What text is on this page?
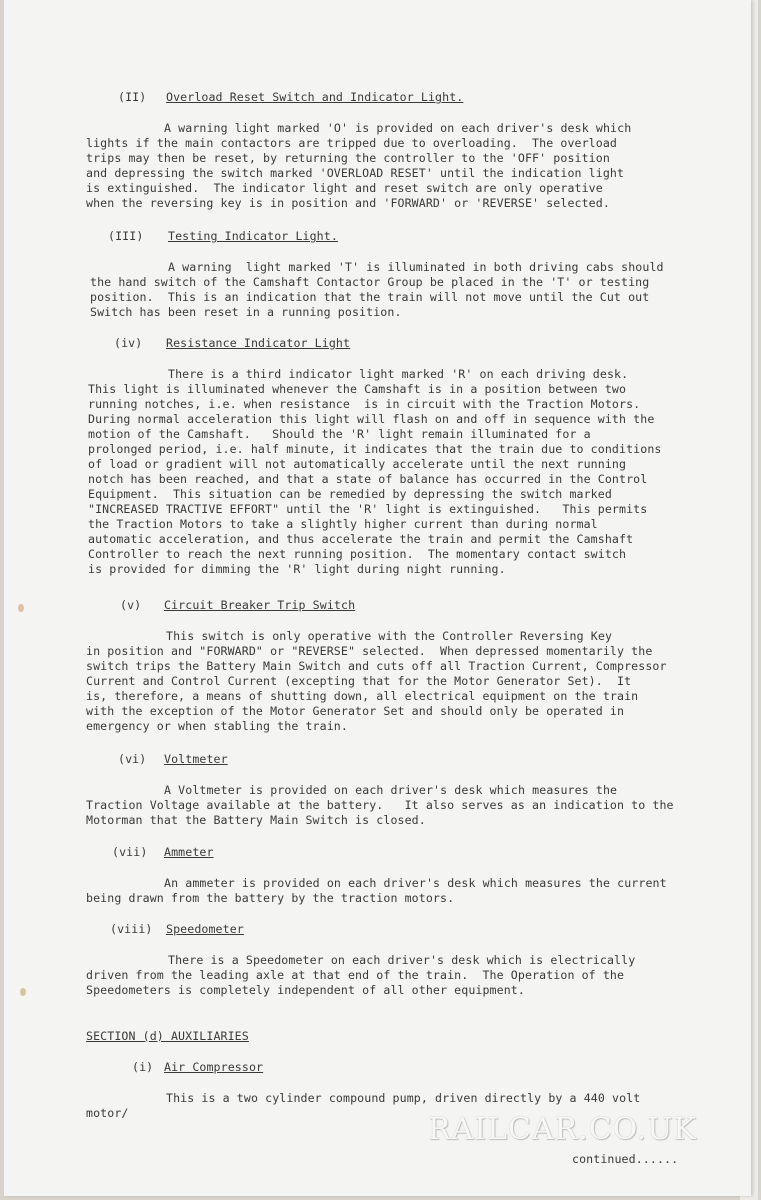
(II) Overload Reset Switch and Indicator Light.
A warning light marked 'O' is provided on each driver's desk which
lights if the main contactors are tripped due to overloading.  The overload
trips may then be reset, by returning the controller to the 'OFF' position
and depressing the switch marked 'OVERLOAD RESET' until the indication light
is extinguished.  The indicator light and reset switch are only operative
when the reversing key is in position and 'FORWARD' or 'REVERSE' selected.
(III) Testing Indicator Light.
A warning  light marked 'T' is illuminated in both driving cabs should
the hand switch of the Camshaft Contactor Group be placed in the 'T' or testing
position.  This is an indication that the train will not move until the Cut out
Switch has been reset in a running position.
(iv) Resistance Indicator Light
There is a third indicator light marked 'R' on each driving desk.
This light is illuminated whenever the Camshaft is in a position between two
running notches, i.e. when resistance  is in circuit with the Traction Motors.
During normal acceleration this light will flash on and off in sequence with the
motion of the Camshaft.   Should the 'R' light remain illuminated for a
prolonged period, i.e. half minute, it indicates that the train due to conditions
of load or gradient will not automatically accelerate until the next running
notch has been reached, and that a state of balance has occurred in the Control
Equipment.  This situation can be remedied by depressing the switch marked
"INCREASED TRACTIVE EFFORT" until the 'R' light is extinguished.   This permits
the Traction Motors to take a slightly higher current than during normal
automatic acceleration, and thus accelerate the train and permit the Camshaft
Controller to reach the next running position.  The momentary contact switch
is provided for dimming the 'R' light during night running.
(v) Circuit Breaker Trip Switch
This switch is only operative with the Controller Reversing Key
in position and "FORWARD" or "REVERSE" selected.  When depressed momentarily the
switch trips the Battery Main Switch and cuts off all Traction Current, Compressor
Current and Control Current (excepting that for the Motor Generator Set).  It
is, therefore, a means of shutting down, all electrical equipment on the train
with the exception of the Motor Generator Set and should only be operated in
emergency or when stabling the train.
(vi) Voltmeter
A Voltmeter is provided on each driver's desk which measures the
Traction Voltage available at the battery.   It also serves as an indication to the
Motorman that the Battery Main Switch is closed.
(vii) Ammeter
An ammeter is provided on each driver's desk which measures the current
being drawn from the battery by the traction motors.
(viii) Speedometer
There is a Speedometer on each driver's desk which is electrically
driven from the leading axle at that end of the train.  The Operation of the
Speedometers is completely independent of all other equipment.
SECTION (d) AUXILIARIES
(i) Air Compressor
This is a two cylinder compound pump, driven directly by a 440 volt
motor/
continued......
RAILCAR.CO.UK
